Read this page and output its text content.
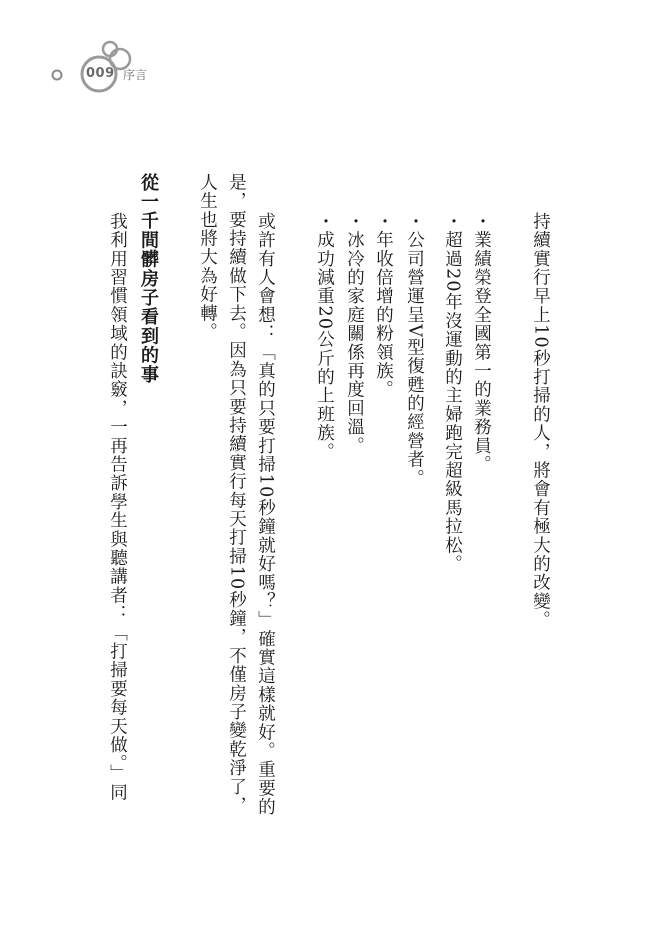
009 序言
持續實行早上10秒打掃的人，將會有極大的改變。
・業績榮登全國第一的業務員。
・超過20年沒運動的主婦跑完超級馬拉松。
・公司營運呈V型復甦的經營者。
・年收倍增的粉領族。
・冰冷的家庭關係再度回溫。
・成功減重20公斤的上班族。
或許有人會想：「真的只要打掃10秒鐘就好嗎？」確實這樣就好。重要的
是，要持續做下去。因為只要持續實行每天打掃10秒鐘，不僅房子變乾淨了，
人生也將大為好轉。
從一千間髒房子看到的事
我利用習慣領域的訣竅，一再告訴學生與聽講者：「打掃要每天做。」同
